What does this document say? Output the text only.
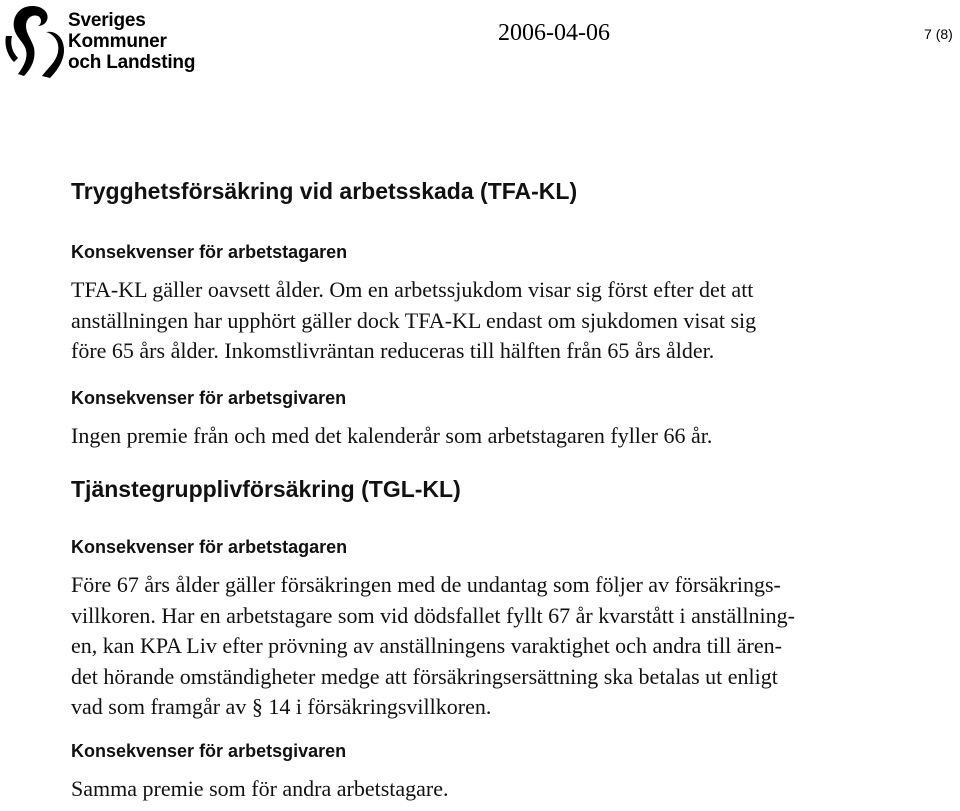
Sveriges
Kommuner
och Landsting
2006-04-06	7 (8)
Trygghetsförsäkring vid arbetsskada (TFA-KL)
Konsekvenser för arbetstagaren
TFA-KL gäller oavsett ålder. Om en arbetssjukdom visar sig först efter det att
anställningen har upphört gäller dock TFA-KL endast om sjukdomen visat sig
före 65 års ålder. Inkomstlivräntan reduceras till hälften från 65 års ålder.
Konsekvenser för arbetsgivaren
Ingen premie från och med det kalenderår som arbetstagaren fyller 66 år.
Tjänstegrupplivförsäkring (TGL-KL)
Konsekvenser för arbetstagaren
Före 67 års ålder gäller försäkringen med de undantag som följer av försäkrings-
villkoren. Har en arbetstagare som vid dödsfallet fyllt 67 år kvarstått i anställning-
en, kan KPA Liv efter prövning av anställningens varaktighet och andra till ären-
det hörande omständigheter medge att försäkringsersättning ska betalas ut enligt
vad som framgår av § 14 i försäkringsvillkoren.
Konsekvenser för arbetsgivaren
Samma premie som för andra arbetstagare.
